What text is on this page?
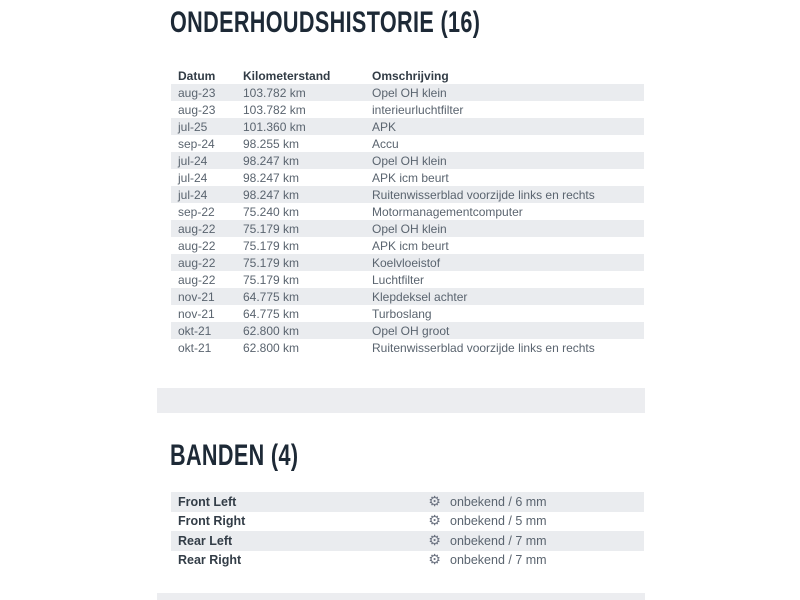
ONDERHOUDSHISTORIE (16)
Datum	Kilometerstand	Omschrijving
aug-23	103.782 km	Opel OH klein
aug-23	103.782 km	interieurluchtfilter
jul-25	101.360 km	APK
sep-24	98.255 km	Accu
jul-24	98.247 km	Opel OH klein
jul-24	98.247 km	APK icm beurt
jul-24	98.247 km	Ruitenwisserblad voorzijde links en rechts
sep-22	75.240 km	Motormanagementcomputer
aug-22	75.179 km	Opel OH klein
aug-22	75.179 km	APK icm beurt
aug-22	75.179 km	Koelvloeistof
aug-22	75.179 km	Luchtfilter
nov-21	64.775 km	Klepdeksel achter
nov-21	64.775 km	Turboslang
okt-21	62.800 km	Opel OH groot
okt-21	62.800 km	Ruitenwisserblad voorzijde links en rechts
BANDEN (4)
Front Left	⚙ onbekend / 6 mm
Front Right	⚙ onbekend / 5 mm
Rear Left	⚙ onbekend / 7 mm
Rear Right	⚙ onbekend / 7 mm
